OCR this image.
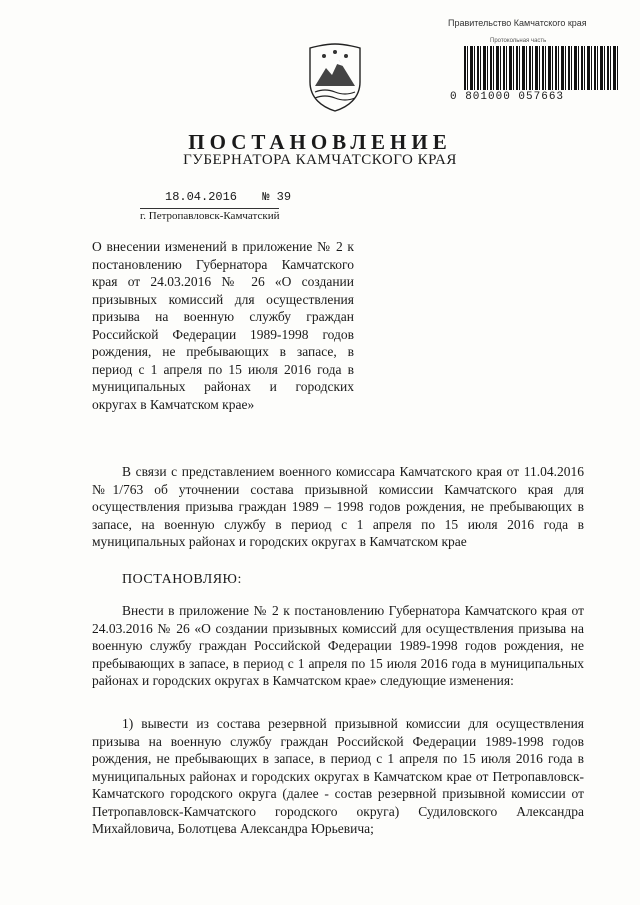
Правительство Камчатского края
Протокольная часть
0 801000 057663
ПОСТАНОВЛЕНИЕ
ГУБЕРНАТОРА КАМЧАТСКОГО КРАЯ
18.04.2016 № 39
г. Петропавловск-Камчатский
О внесении изменений в приложение № 2 к постановлению Губернатора Камчатского края от 24.03.2016 № 26 «О создании призывных комиссий для осуществления призыва на военную службу граждан Российской Федерации 1989-1998 годов рождения, не пребывающих в запасе, в период с 1 апреля по 15 июля 2016 года в муниципальных районах и городских округах в Камчатском крае»
В связи с представлением военного комиссара Камчатского края от 11.04.2016 №1/763 об уточнении состава призывной комиссии Камчатского края для осуществления призыва граждан 1989 – 1998 годов рождения, не пребывающих в запасе, на военную службу в период с 1 апреля по 15 июля 2016 года в муниципальных районах и городских округах в Камчатском крае
ПОСТАНОВЛЯЮ:
Внести в приложение № 2 к постановлению Губернатора Камчатского края от 24.03.2016 № 26 «О создании призывных комиссий для осуществления призыва на военную службу граждан Российской Федерации 1989-1998 годов рождения, не пребывающих в запасе, в период с 1 апреля по 15 июля 2016 года в муниципальных районах и городских округах в Камчатском крае» следующие изменения:
1) вывести из состава резервной призывной комиссии для осуществления призыва на военную службу граждан Российской Федерации 1989-1998 годов рождения, не пребывающих в запасе, в период с 1 апреля по 15 июля 2016 года в муниципальных районах и городских округах в Камчатском крае от Петропавловск-Камчатского городского округа (далее - состав резервной призывной комиссии от Петропавловск-Камчатского городского округа) Судиловского Александра Михайловича, Болотцева Александра Юрьевича;
